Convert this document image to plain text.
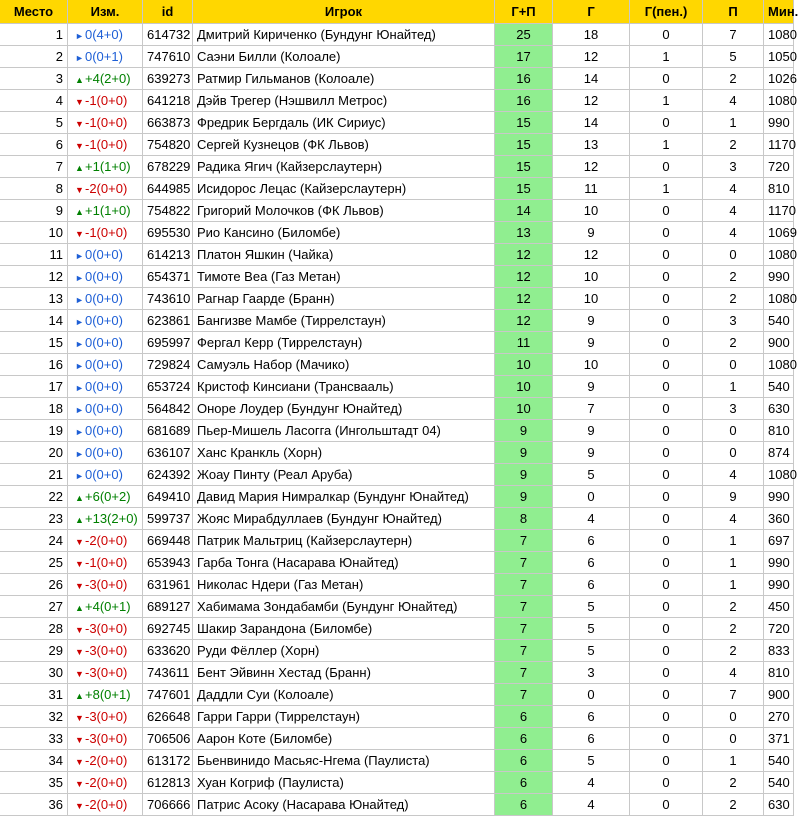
Место	Изм.	id	Игрок	Г+П	Г	Г(пен.)	П	Мин.
1	►0(4+0)	614732	Дмитрий Кириченко (Бундунг Юнайтед)	25	18	0	7	1080
2	►0(0+1)	747610	Саэни Билли (Колоале)	17	12	1	5	1050
3	▲+4(2+0)	639273	Ратмир Гильманов (Колоале)	16	14	0	2	1026
4	▼-1(0+0)	641218	Дэйв Трегер (Нэшвилл Метрос)	16	12	1	4	1080
5	▼-1(0+0)	663873	Фредрик Бергдаль (ИК Сириус)	15	14	0	1	990
6	▼-1(0+0)	754820	Сергей Кузнецов (ФК Львов)	15	13	1	2	1170
7	▲+1(1+0)	678229	Радика Ягич (Кайзерслаутерн)	15	12	0	3	720
8	▼-2(0+0)	644985	Исидорос Лецас (Кайзерслаутерн)	15	11	1	4	810
9	▲+1(1+0)	754822	Григорий Молочков (ФК Львов)	14	10	0	4	1170
10	▼-1(0+0)	695530	Рио Кансино (Биломбе)	13	9	0	4	1069
11	►0(0+0)	614213	Платон Яшкин (Чайка)	12	12	0	0	1080
12	►0(0+0)	654371	Тимоте Веа (Газ Метан)	12	10	0	2	990
13	►0(0+0)	743610	Рагнар Гаарде (Бранн)	12	10	0	2	1080
14	►0(0+0)	623861	Бангизве Мамбе (Тиррелстаун)	12	9	0	3	540
15	►0(0+0)	695997	Фергал Керр (Тиррелстаун)	11	9	0	2	900
16	►0(0+0)	729824	Самуэль Набор (Мачико)	10	10	0	0	1080
17	►0(0+0)	653724	Кристоф Кинсиани (Трансвааль)	10	9	0	1	540
18	►0(0+0)	564842	Оноре Лоудер (Бундунг Юнайтед)	10	7	0	3	630
19	►0(0+0)	681689	Пьер-Мишель Ласогга (Ингольштадт 04)	9	9	0	0	810
20	►0(0+0)	636107	Ханс Кранкль (Хорн)	9	9	0	0	874
21	►0(0+0)	624392	Жоау Пинту (Реал Аруба)	9	5	0	4	1080
22	▲+6(0+2)	649410	Давид Мария Нимралкар (Бундунг Юнайтед)	9	0	0	9	990
23	▲+13(2+0)	599737	Жояс Мирабдуллаев (Бундунг Юнайтед)	8	4	0	4	360
24	▼-2(0+0)	669448	Патрик Мальтриц (Кайзерслаутерн)	7	6	0	1	697
25	▼-1(0+0)	653943	Гарба Тонга (Насарава Юнайтед)	7	6	0	1	990
26	▼-3(0+0)	631961	Николас Ндери (Газ Метан)	7	6	0	1	990
27	▲+4(0+1)	689127	Хабимама Зондабамби (Бундунг Юнайтед)	7	5	0	2	450
28	▼-3(0+0)	692745	Шакир Зарандона (Биломбе)	7	5	0	2	720
29	▼-3(0+0)	633620	Руди Фёллер (Хорн)	7	5	0	2	833
30	▼-3(0+0)	743611	Бент Эйвинн Хестад (Бранн)	7	3	0	4	810
31	▲+8(0+1)	747601	Даддли Суи (Колоале)	7	0	0	7	900
32	▼-3(0+0)	626648	Гарри Гарри (Тиррелстаун)	6	6	0	0	270
33	▼-3(0+0)	706506	Аарон Коте (Биломбе)	6	6	0	0	371
34	▼-2(0+0)	613172	Бьенвинидо Масьяс-Нгема (Паулиста)	6	5	0	1	540
35	▼-2(0+0)	612813	Хуан Когриф (Паулиста)	6	4	0	2	540
36	▼-2(0+0)	706666	Патрис Асоку (Насарава Юнайтед)	6	4	0	2	630
